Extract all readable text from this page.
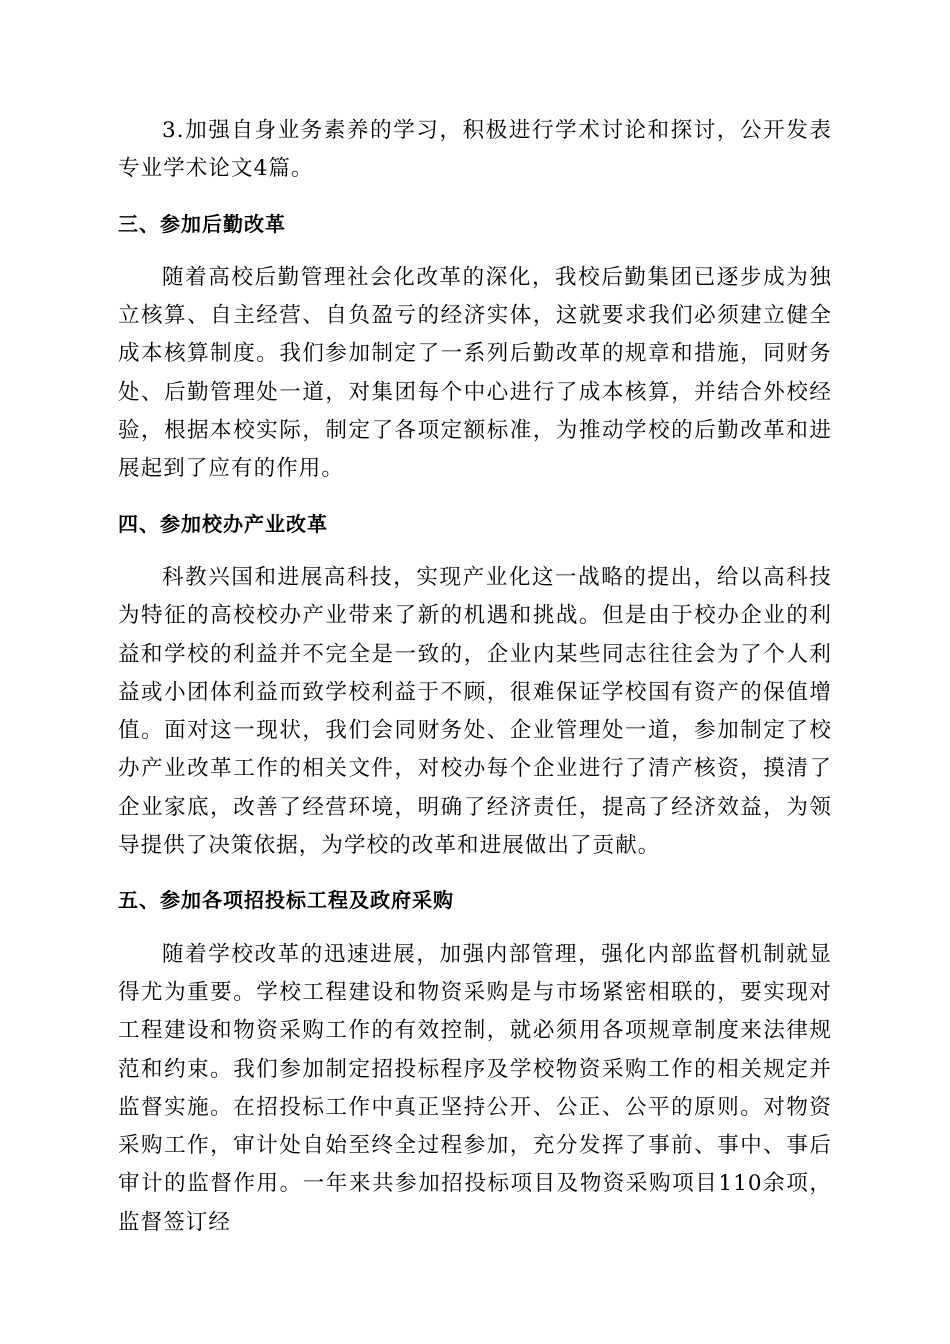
3.加强自身业务素养的学习，积极进行学术讨论和探讨，公开发表专业学术论文4篇。

三、参加后勤改革

随着高校后勤管理社会化改革的深化，我校后勤集团已逐步成为独立核算、自主经营、自负盈亏的经济实体，这就要求我们必须建立健全成本核算制度。我们参加制定了一系列后勤改革的规章和措施，同财务处、后勤管理处一道，对集团每个中心进行了成本核算，并结合外校经验，根据本校实际，制定了各项定额标准，为推动学校的后勤改革和进展起到了应有的作用。

四、参加校办产业改革

科教兴国和进展高科技，实现产业化这一战略的提出，给以高科技为特征的高校校办产业带来了新的机遇和挑战。但是由于校办企业的利益和学校的利益并不完全是一致的，企业内某些同志往往会为了个人利益或小团体利益而致学校利益于不顾，很难保证学校国有资产的保值增值。面对这一现状，我们会同财务处、企业管理处一道，参加制定了校办产业改革工作的相关文件，对校办每个企业进行了清产核资，摸清了企业家底，改善了经营环境，明确了经济责任，提高了经济效益，为领导提供了决策依据，为学校的改革和进展做出了贡献。

五、参加各项招投标工程及政府采购

随着学校改革的迅速进展，加强内部管理，强化内部监督机制就显得尤为重要。学校工程建设和物资采购是与市场紧密相联的，要实现对工程建设和物资采购工作的有效控制，就必须用各项规章制度来法律规范和约束。我们参加制定招投标程序及学校物资采购工作的相关规定并监督实施。在招投标工作中真正坚持公开、公正、公平的原则。对物资采购工作，审计处自始至终全过程参加，充分发挥了事前、事中、事后审计的监督作用。一年来共参加招投标项目及物资采购项目110余项，监督签订经
